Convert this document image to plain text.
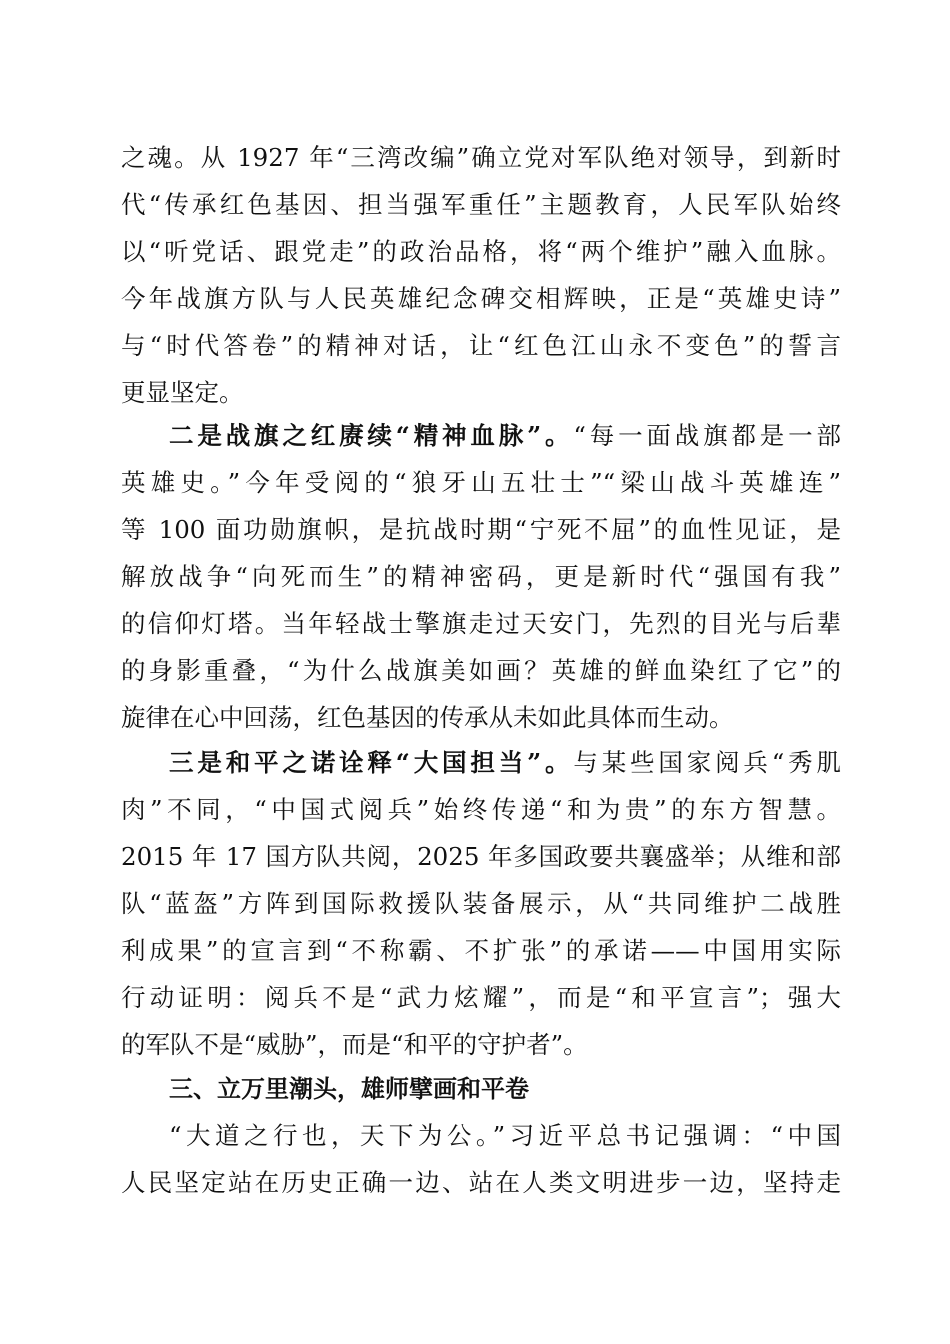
之魂。从 1927 年“三湾改编”确立党对军队绝对领导，到新时
代“传承红色基因、担当强军重任”主题教育，人民军队始终
以“听党话、跟党走”的政治品格，将“两个维护”融入血脉。
今年战旗方队与人民英雄纪念碑交相辉映，正是“英雄史诗”
与“时代答卷”的精神对话，让“红色江山永不变色”的誓言
更显坚定。
二是战旗之红赓续“精神血脉”。“每一面战旗都是一部
英雄史。”今年受阅的“狼牙山五壮士”“梁山战斗英雄连”
等 100 面功勋旗帜，是抗战时期“宁死不屈”的血性见证，是
解放战争“向死而生”的精神密码，更是新时代“强国有我”
的信仰灯塔。当年轻战士擎旗走过天安门，先烈的目光与后辈
的身影重叠，“为什么战旗美如画？英雄的鲜血染红了它”的
旋律在心中回荡，红色基因的传承从未如此具体而生动。
三是和平之诺诠释“大国担当”。与某些国家阅兵“秀肌
肉”不同，“中国式阅兵”始终传递“和为贵”的东方智慧。
2015 年 17 国方队共阅，2025 年多国政要共襄盛举；从维和部
队“蓝盔”方阵到国际救援队装备展示，从“共同维护二战胜
利成果”的宣言到“不称霸、不扩张”的承诺——中国用实际
行动证明：阅兵不是“武力炫耀”，而是“和平宣言”；强大
的军队不是“威胁”，而是“和平的守护者”。
三、立万里潮头，雄师擘画和平卷
“大道之行也，天下为公。”习近平总书记强调：“中国
人民坚定站在历史正确一边、站在人类文明进步一边，坚持走
